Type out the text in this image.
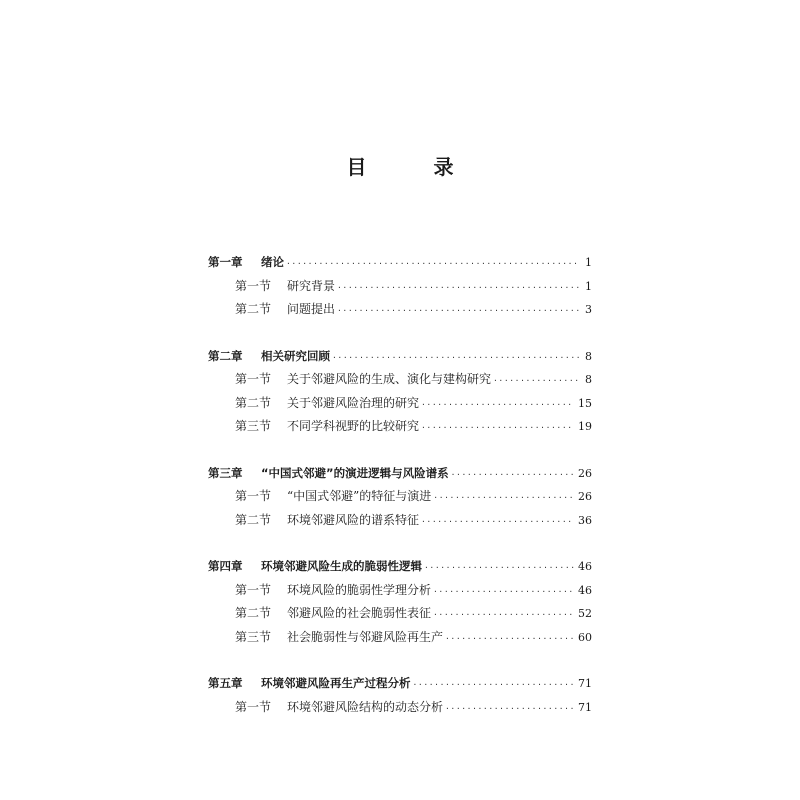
目 录
第一章	绪论 ·····	1
第一节	研究背景 ·····	1
第二节	问题提出 ·····	3
第二章	相关研究回顾 ·····	8
第一节	关于邻避风险的生成、演化与建构研究 ·····	8
第二节	关于邻避风险治理的研究 ·····	15
第三节	不同学科视野的比较研究 ·····	19
第三章	“中国式邻避”的演进逻辑与风险谱系 ·····	26
第一节	“中国式邻避”的特征与演进 ·····	26
第二节	环境邻避风险的谱系特征 ·····	36
第四章	环境邻避风险生成的脆弱性逻辑 ·····	46
第一节	环境风险的脆弱性学理分析 ·····	46
第二节	邻避风险的社会脆弱性表征 ·····	52
第三节	社会脆弱性与邻避风险再生产 ·····	60
第五章	环境邻避风险再生产过程分析 ·····	71
第一节	环境邻避风险结构的动态分析 ·····	71
